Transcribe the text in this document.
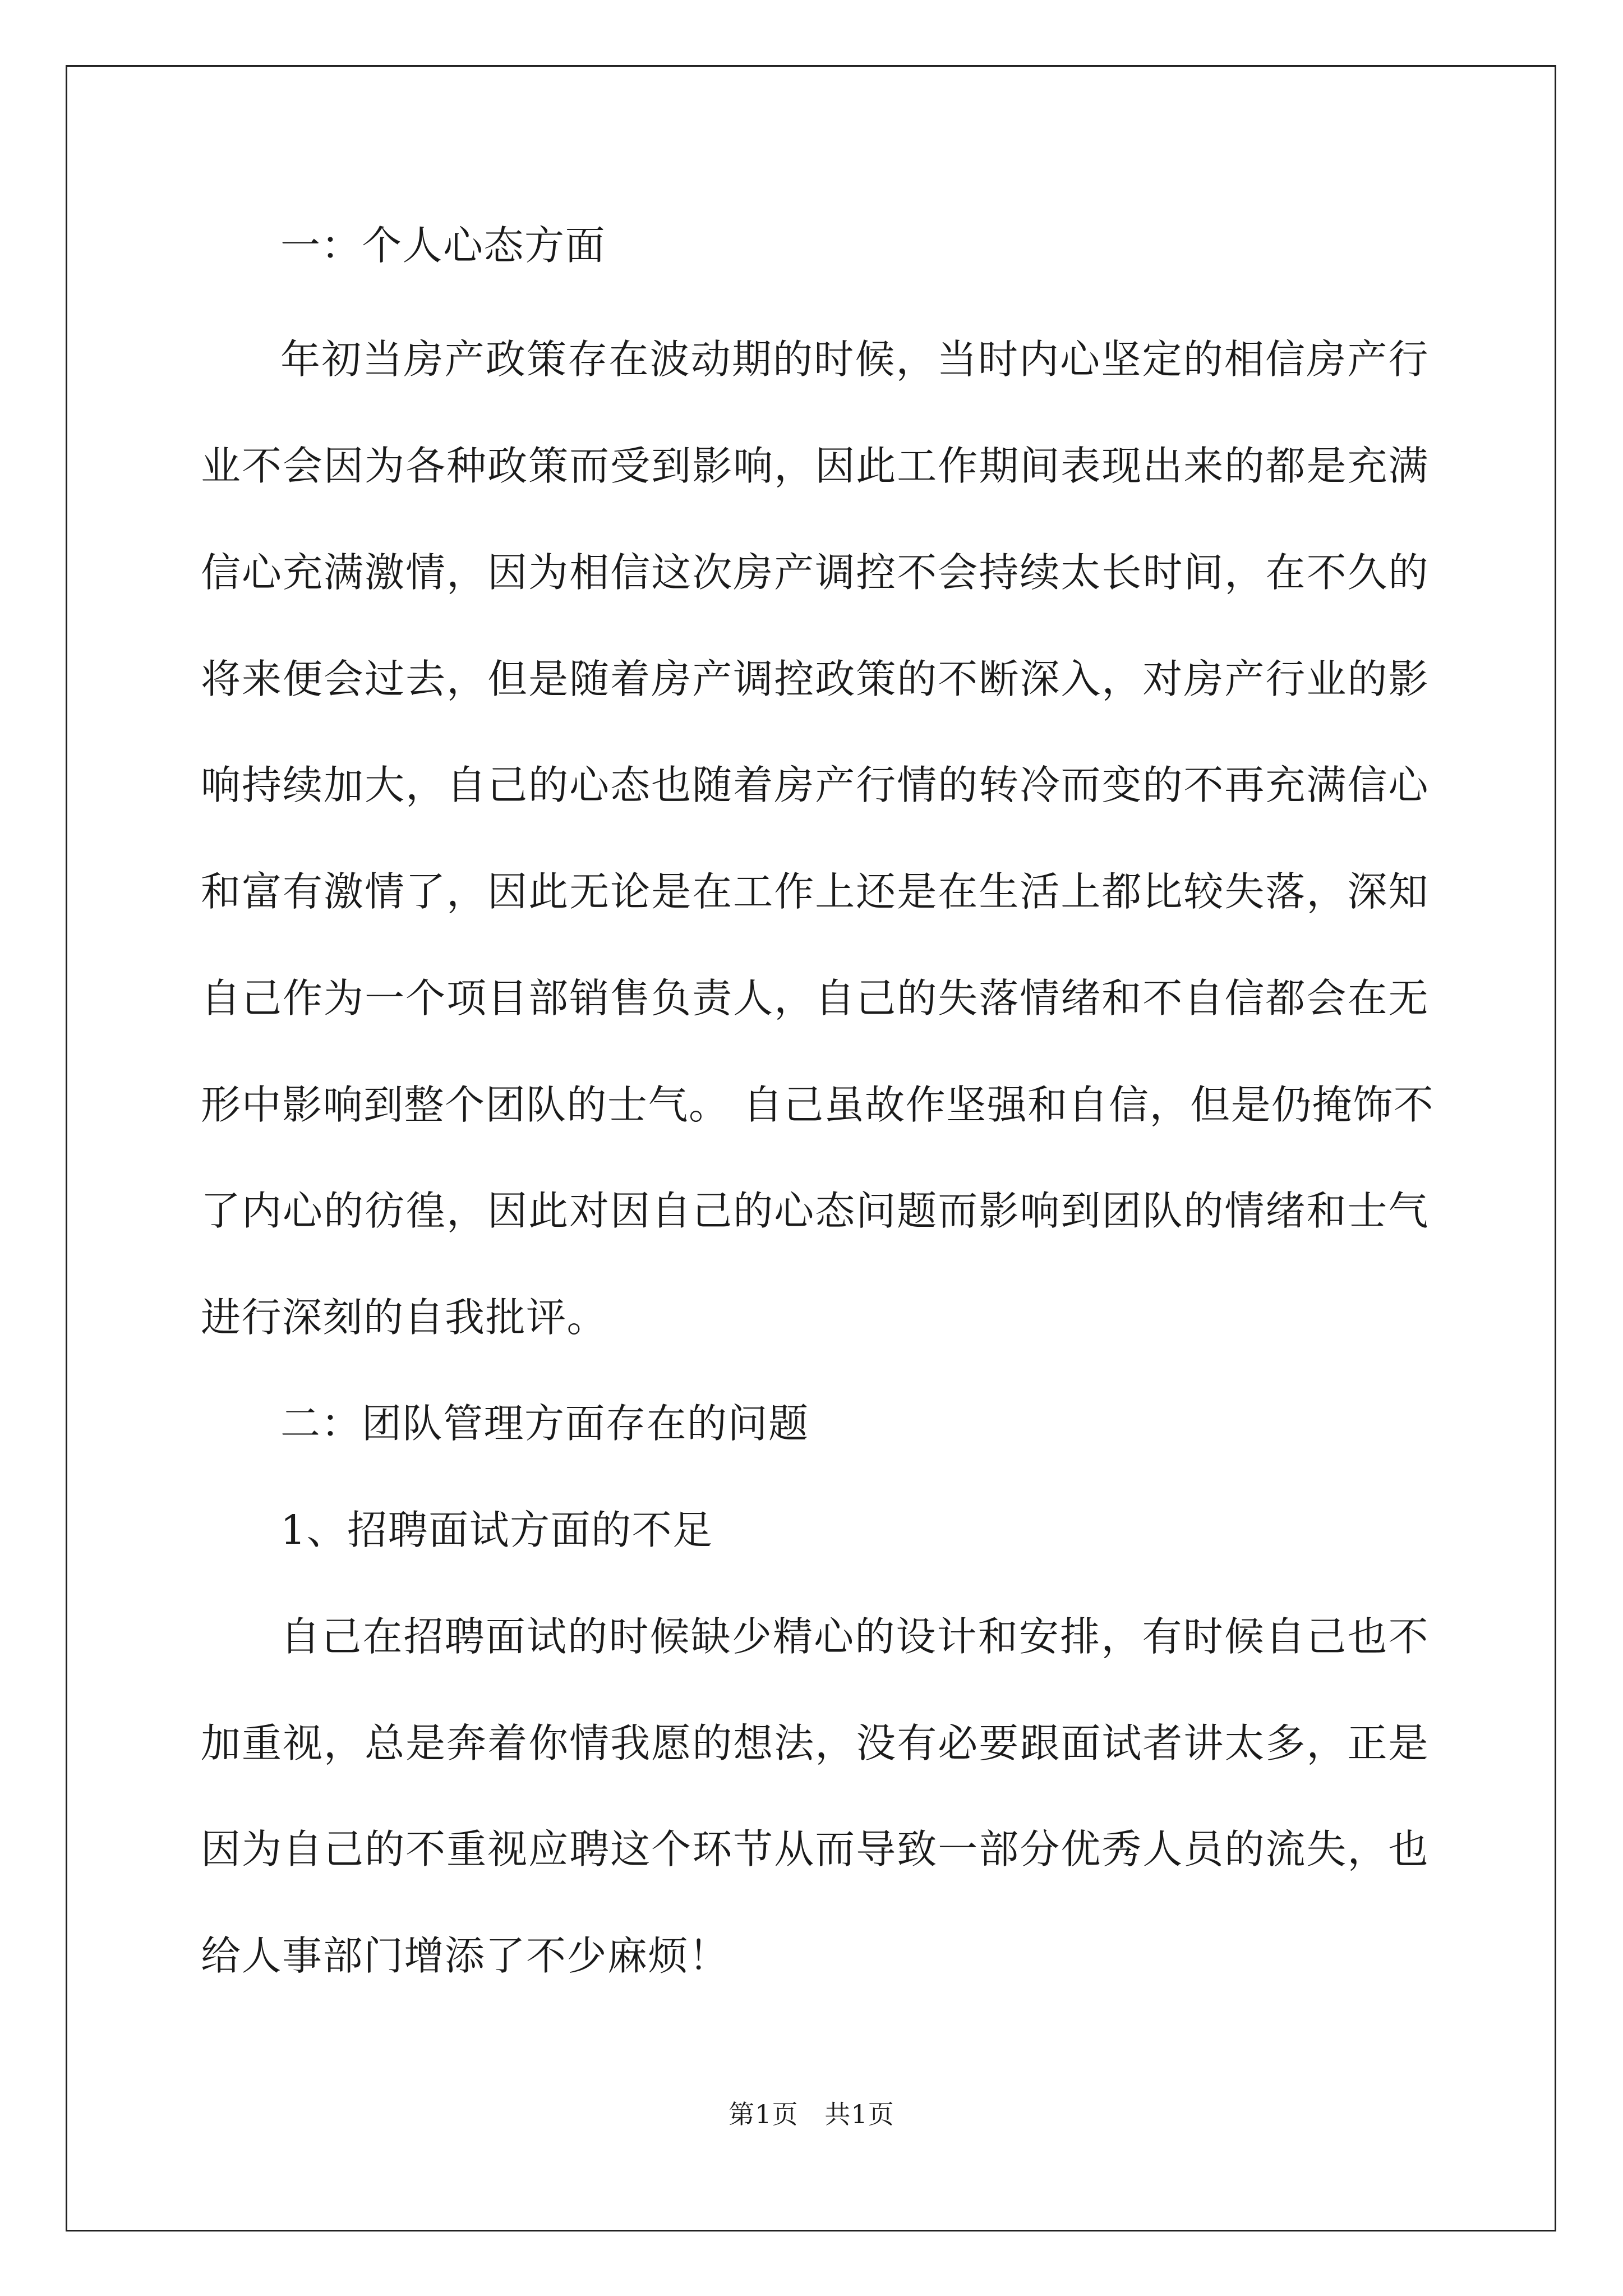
一：个人心态方面
年初当房产政策存在波动期的时候，当时内心坚定的相信房产行
业不会因为各种政策而受到影响，因此工作期间表现出来的都是充满
信心充满激情，因为相信这次房产调控不会持续太长时间，在不久的
将来便会过去，但是随着房产调控政策的不断深入，对房产行业的影
响持续加大，自己的心态也随着房产行情的转冷而变的不再充满信心
和富有激情了，因此无论是在工作上还是在生活上都比较失落，深知
自己作为一个项目部销售负责人，自己的失落情绪和不自信都会在无
形中影响到整个团队的士气。 自己虽故作坚强和自信，但是仍掩饰不
了内心的彷徨，因此对因自己的心态问题而影响到团队的情绪和士气
进行深刻的自我批评。
二：团队管理方面存在的问题
1、招聘面试方面的不足
自己在招聘面试的时候缺少精心的设计和安排，有时候自己也不
加重视，总是奔着你情我愿的想法，没有必要跟面试者讲太多，正是
因为自己的不重视应聘这个环节从而导致一部分优秀人员的流失，也
给人事部门增添了不少麻烦！
第1页   共1页
